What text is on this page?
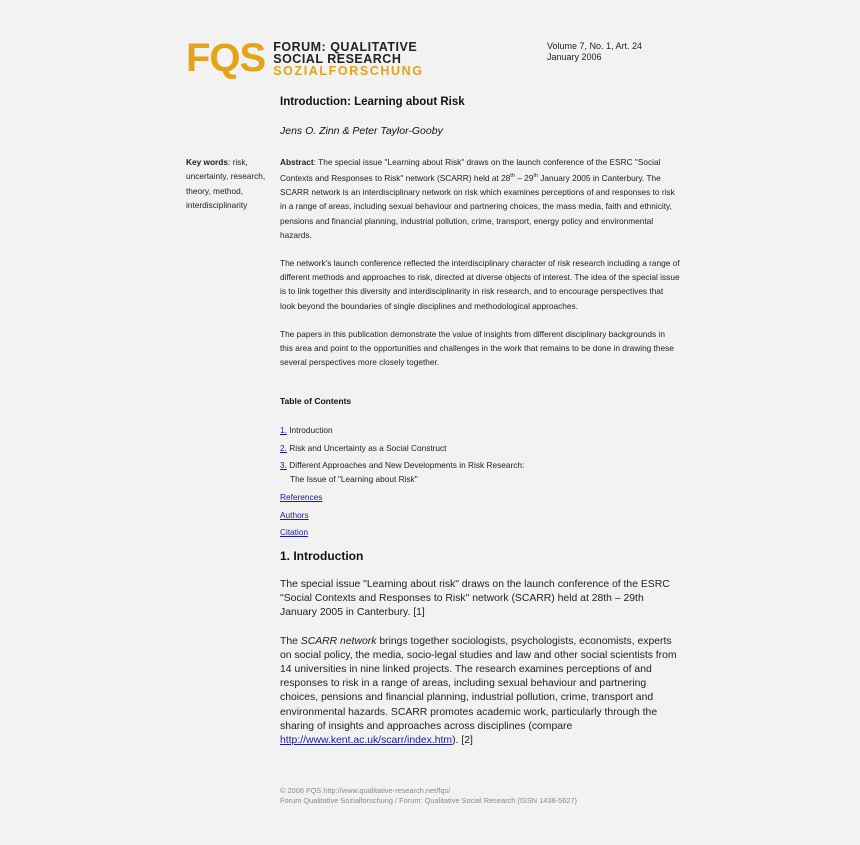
FQS FORUM: QUALITATIVE
SOCIAL RESEARCH
SOZIALFORSCHUNG
Volume 7, No. 1, Art. 24
January 2006
Introduction: Learning about Risk
Jens O. Zinn & Peter Taylor-Gooby
Key words: risk, uncertainty, research, theory, method, interdisciplinarity

Abstract: The special issue "Learning about Risk" draws on the launch conference of the ESRC "Social Contexts and Responses to Risk" network (SCARR) held at 28th – 29th January 2005 in Canterbury. The SCARR network is an interdisciplinary network on risk which examines perceptions of and responses to risk in a range of areas, including sexual behaviour and partnering choices, the mass media, faith and ethnicity, pensions and financial planning, industrial pollution, crime, transport, energy policy and environmental hazards.

The network's launch conference reflected the interdisciplinary character of risk research including a range of different methods and approaches to risk, directed at diverse objects of interest. The idea of the special issue is to link together this diversity and interdisciplinarity in risk research, and to encourage perspectives that look beyond the boundaries of single disciplines and methodological approaches.

The papers in this publication demonstrate the value of insights from different disciplinary backgrounds in this area and point to the opportunities and challenges in the work that remains to be done in drawing these several perspectives more closely together.

Table of Contents
1. Introduction
2. Risk and Uncertainty as a Social Construct
3. Different Approaches and New Developments in Risk Research:
The Issue of "Learning about Risk"
References
Authors
Citation
1. Introduction

The special issue "Learning about risk" draws on the launch conference of the ESRC "Social Contexts and Responses to Risk" network (SCARR) held at 28th – 29th January 2005 in Canterbury. [1]

The SCARR network brings together sociologists, psychologists, economists, experts on social policy, the media, socio-legal studies and law and other social scientists from 14 universities in nine linked projects. The research examines perceptions of and responses to risk in a range of areas, including sexual behaviour and partnering choices, pensions and financial planning, industrial pollution, crime, transport and environmental hazards. SCARR promotes academic work, particularly through the sharing of insights and approaches across disciplines (compare http://www.kent.ac.uk/scarr/index.htm). [2]

© 2006 FQS http://www.qualitative-research.net/fqs/
Forum Qualitative Sozialforschung / Forum: Qualitative Social Research (ISSN 1438-5627)
